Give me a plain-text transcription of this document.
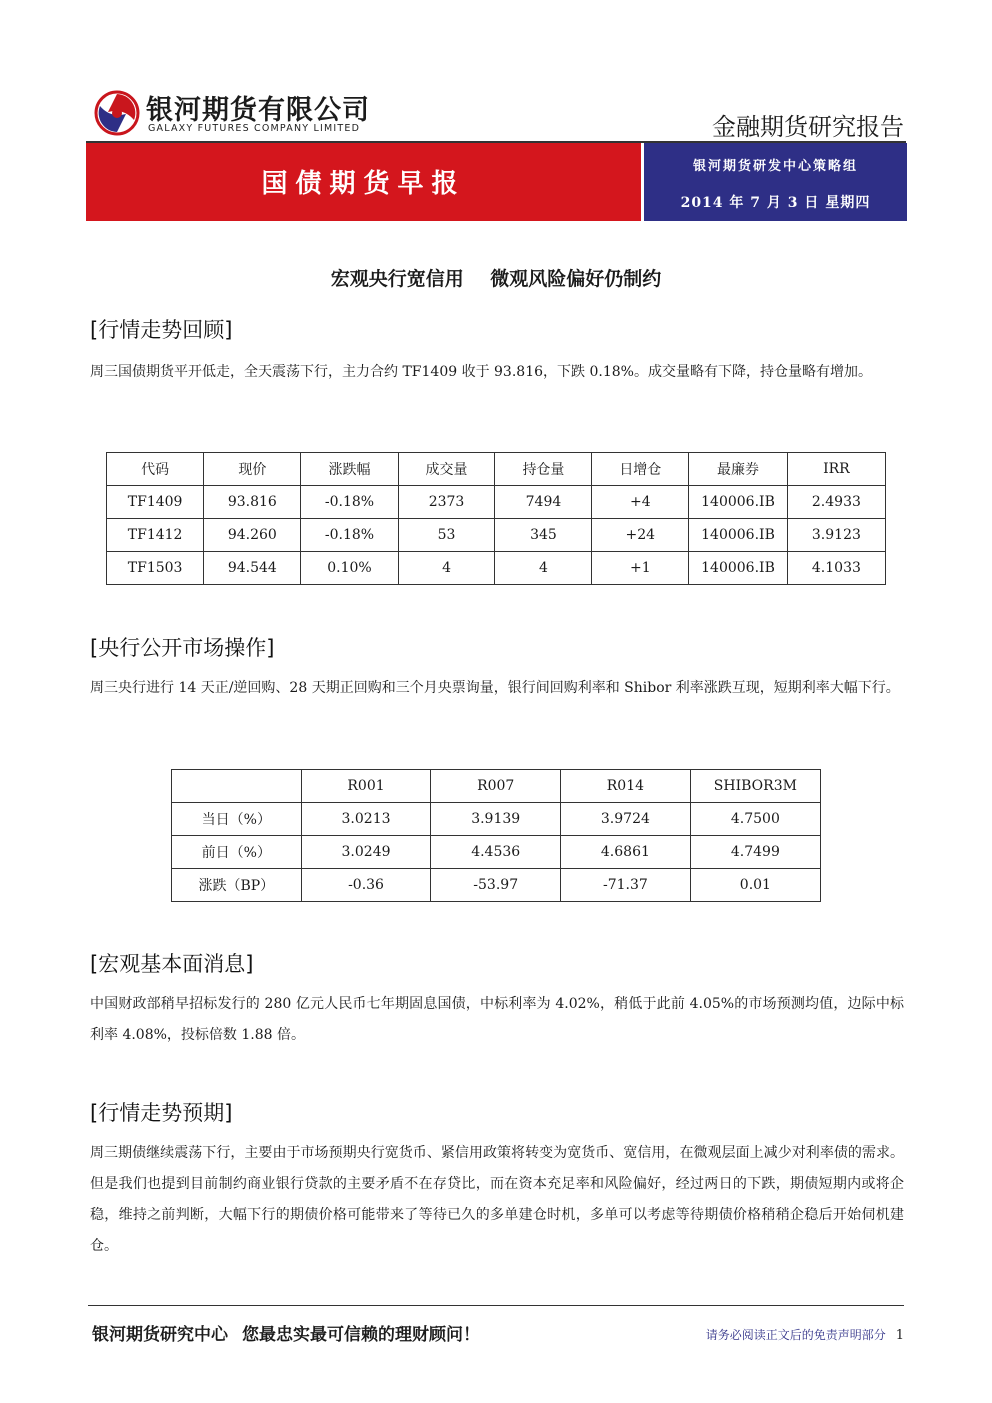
银河期货有限公司
GALAXY FUTURES COMPANY LIMITED	金融期货研究报告
国债期货早报
银河期货研发中心策略组
2014 年 7 月 3 日 星期四
宏观央行宽信用    微观风险偏好仍制约
[行情走势回顾]
周三国债期货平开低走，全天震荡下行，主力合约 TF1409 收于 93.816，下跌 0.18%。成交量略有下降，持仓量略有增加。
代码	现价	涨跌幅	成交量	持仓量	日增仓	最廉券	IRR
TF1409	93.816	-0.18%	2373	7494	+4	140006.IB	2.4933
TF1412	94.260	-0.18%	53	345	+24	140006.IB	3.9123
TF1503	94.544	0.10%	4	4	+1	140006.IB	4.1033
[央行公开市场操作]
周三央行进行 14 天正/逆回购、28 天期正回购和三个月央票询量，银行间回购利率和 Shibor 利率涨跌互现，短期利率大幅下行。
	R001	R007	R014	SHIBOR3M
当日（%）	3.0213	3.9139	3.9724	4.7500
前日（%）	3.0249	4.4536	4.6861	4.7499
涨跌（BP）	-0.36	-53.97	-71.37	0.01
[宏观基本面消息]
中国财政部稍早招标发行的 280 亿元人民币七年期固息国债，中标利率为 4.02%，稍低于此前 4.05%的市场预测均值，边际中标利率 4.08%，投标倍数 1.88 倍。
[行情走势预期]
周三期债继续震荡下行，主要由于市场预期央行宽货币、紧信用政策将转变为宽货币、宽信用，在微观层面上减少对利率债的需求。但是我们也提到目前制约商业银行贷款的主要矛盾不在存贷比，而在资本充足率和风险偏好，经过两日的下跌，期债短期内或将企稳，维持之前判断，大幅下行的期债价格可能带来了等待已久的多单建仓时机，多单可以考虑等待期债价格稍稍企稳后开始伺机建仓。
银河期货研究中心 您最忠实最可信赖的理财顾问！	请务必阅读正文后的免责声明部分 1
